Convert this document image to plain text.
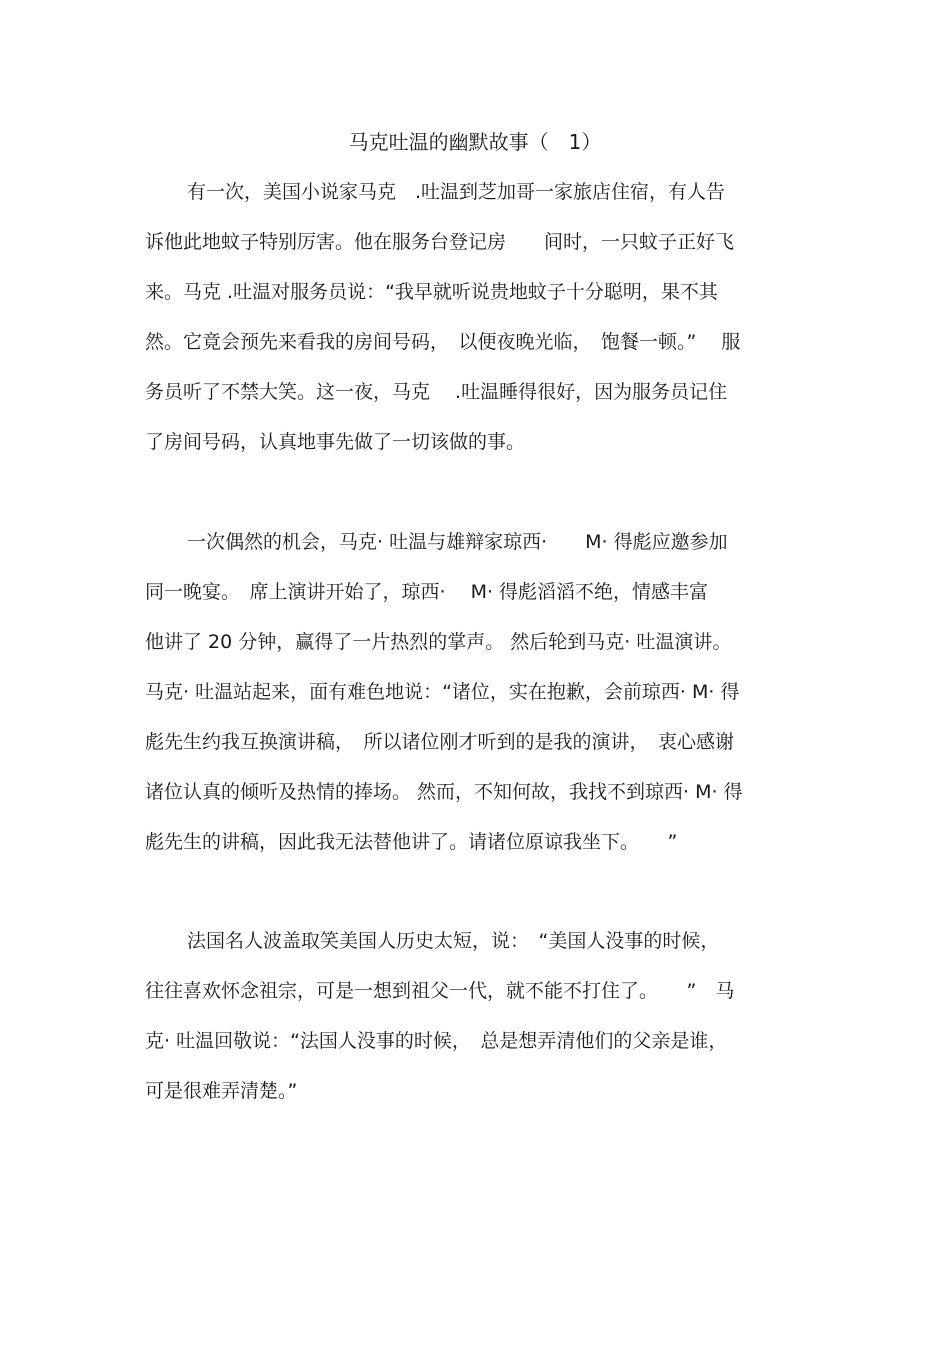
马克吐温的幽默故事（　1）
有一次，美国小说家马克　.吐温到芝加哥一家旅店住宿，有人告
诉他此地蚊子特别厉害。他在服务台登记房　　间时，一只蚊子正好飞
来。马克 .吐温对服务员说：“我早就听说贵地蚊子十分聪明，果不其
然。它竟会预先来看我的房间号码，　以便夜晚光临，　饱餐一顿。”　 服
务员听了不禁大笑。这一夜，马克　 .吐温睡得很好，因为服务员记住
了房间号码，认真地事先做了一切该做的事。
一次偶然的机会，马克· 吐温与雄辩家琼西·　　M· 得彪应邀参加
同一晚宴。　席上演讲开始了，琼西·　 M· 得彪滔滔不绝，情感丰富
他讲了 20 分钟，赢得了一片热烈的掌声。 然后轮到马克· 吐温演讲。
马克· 吐温站起来，面有难色地说：“诸位，实在抱歉，会前琼西· M· 得
彪先生约我互换演讲稿，　所以诸位刚才听到的是我的演讲，　衷心感谢
诸位认真的倾听及热情的捧场。 然而，不知何故，我找不到琼西· M· 得
彪先生的讲稿，因此我无法替他讲了。请诸位原谅我坐下。　　”
法国名人波盖取笑美国人历史太短，说：　“美国人没事的时候，
往往喜欢怀念祖宗，可是一想到祖父一代，就不能不打住了。　　”　马
克· 吐温回敬说：“法国人没事的时候，　总是想弄清他们的父亲是谁，
可是很难弄清楚。”
